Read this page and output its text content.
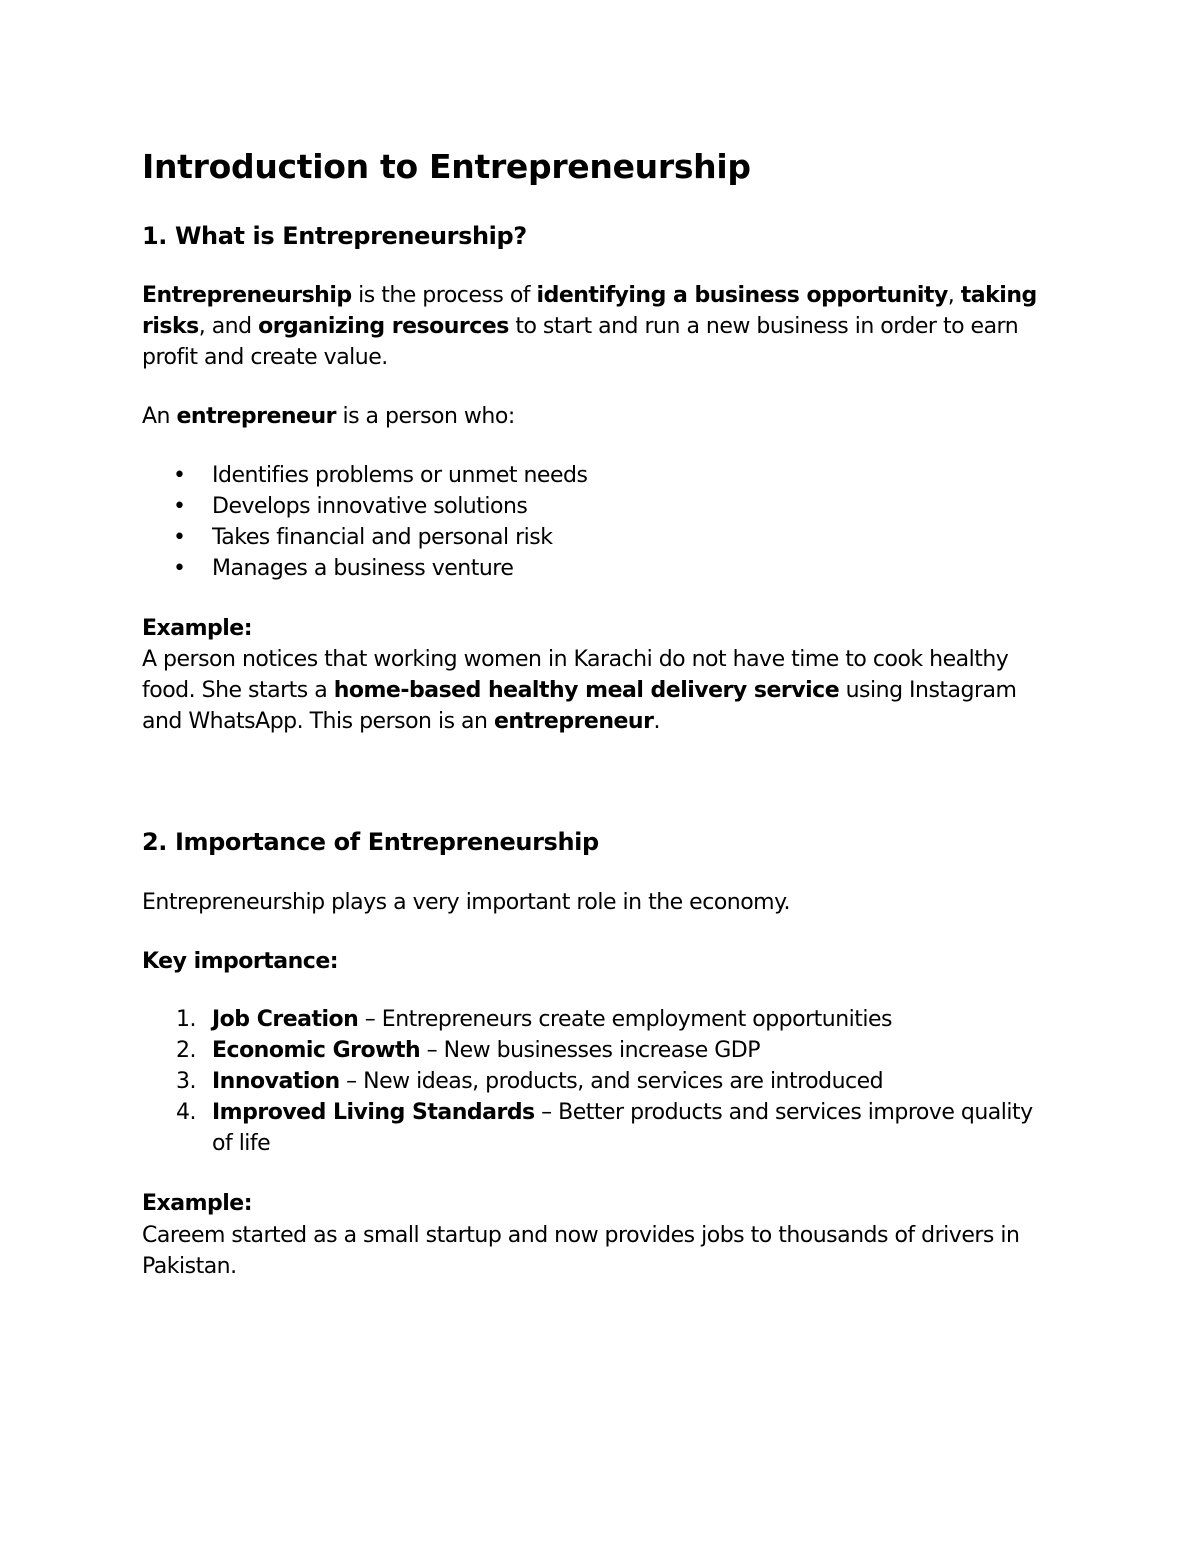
Introduction to Entrepreneurship
1. What is Entrepreneurship?

Entrepreneurship is the process of identifying a business opportunity, taking risks, and organizing resources to start and run a new business in order to earn profit and create value.

An entrepreneur is a person who:

• Identifies problems or unmet needs
• Develops innovative solutions
• Takes financial and personal risk
• Manages a business venture

Example:

A person notices that working women in Karachi do not have time to cook healthy food. She starts a home-based healthy meal delivery service using Instagram and WhatsApp. This person is an entrepreneur.

2. Importance of Entrepreneurship

Entrepreneurship plays a very important role in the economy.

Key importance:

1. Job Creation – Entrepreneurs create employment opportunities
2. Economic Growth – New businesses increase GDP
3. Innovation – New ideas, products, and services are introduced
4. Improved Living Standards – Better products and services improve quality of life

Example:

Careem started as a small startup and now provides jobs to thousands of drivers in Pakistan.
